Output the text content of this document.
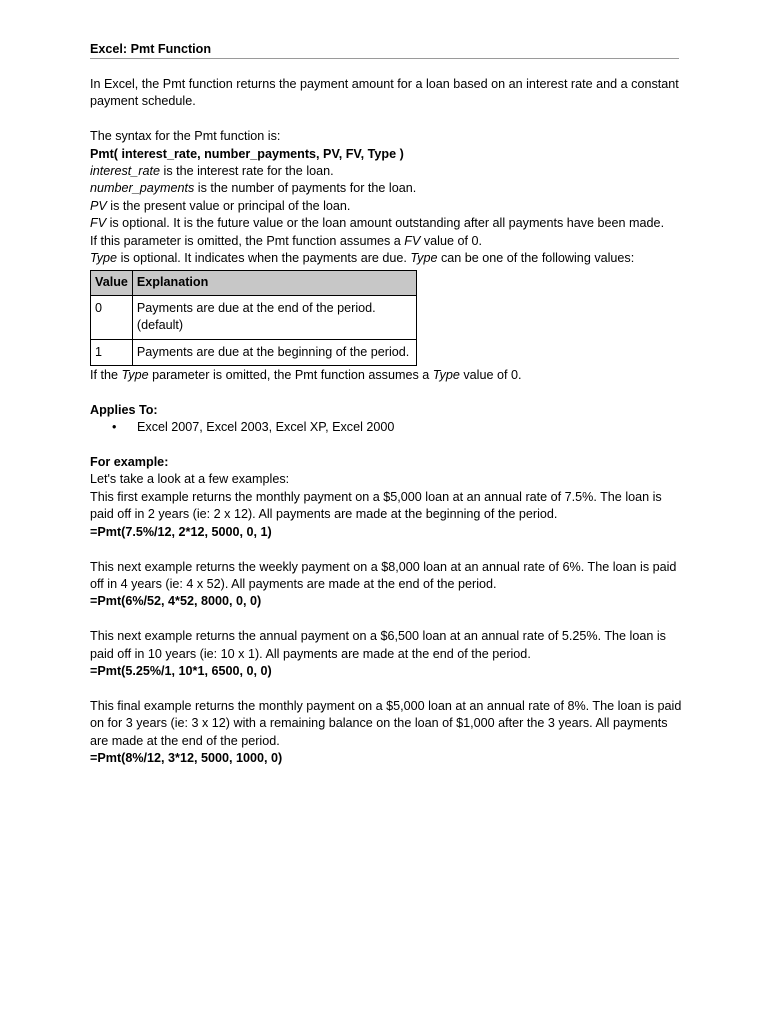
Excel: Pmt Function

In Excel, the Pmt function returns the payment amount for a loan based on an interest rate and a constant payment schedule.

The syntax for the Pmt function is:

Pmt( interest_rate, number_payments, PV, FV, Type )

interest_rate is the interest rate for the loan.

number_payments is the number of payments for the loan.

PV is the present value or principal of the loan.

FV is optional. It is the future value or the loan amount outstanding after all payments have been made.

If this parameter is omitted, the Pmt function assumes a FV value of 0.

Type is optional. It indicates when the payments are due. Type can be one of the following values:

Value	Explanation
0	Payments are due at the end of the period. (default)
1	Payments are due at the beginning of the period.

If the Type parameter is omitted, the Pmt function assumes a Type value of 0.

Applies To:

• Excel 2007, Excel 2003, Excel XP, Excel 2000

For example:

Let's take a look at a few examples:

This first example returns the monthly payment on a $5,000 loan at an annual rate of 7.5%. The loan is paid off in 2 years (ie: 2 x 12). All payments are made at the beginning of the period.

=Pmt(7.5%/12, 2*12, 5000, 0, 1)

This next example returns the weekly payment on a $8,000 loan at an annual rate of 6%. The loan is paid off in 4 years (ie: 4 x 52). All payments are made at the end of the period.

=Pmt(6%/52, 4*52, 8000, 0, 0)

This next example returns the annual payment on a $6,500 loan at an annual rate of 5.25%. The loan is paid off in 10 years (ie: 10 x 1). All payments are made at the end of the period.

=Pmt(5.25%/1, 10*1, 6500, 0, 0)

This final example returns the monthly payment on a $5,000 loan at an annual rate of 8%. The loan is paid on for 3 years (ie: 3 x 12) with a remaining balance on the loan of $1,000 after the 3 years. All payments are made at the end of the period.

=Pmt(8%/12, 3*12, 5000, 1000, 0)
